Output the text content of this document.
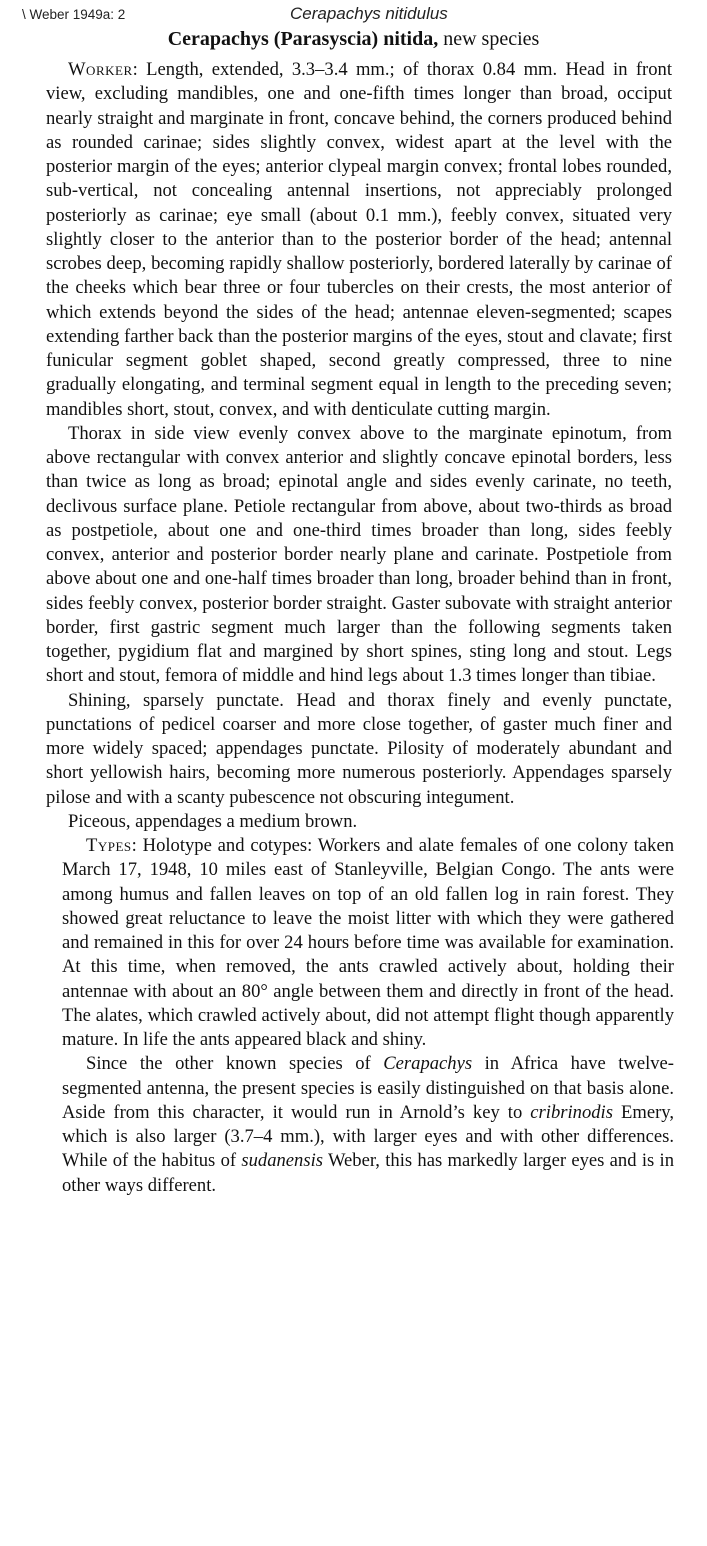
\ Weber 1949a: 2	Cerapachys nitidulus
Cerapachys (Parasyscia) nitida, new species

Worker: Length, extended, 3.3–3.4 mm.; of thorax 0.84 mm. Head in front view, excluding mandibles, one and one-fifth times longer than broad, occiput nearly straight and marginate in front, concave behind, the corners produced behind as rounded carinae; sides slightly convex, widest apart at the level with the posterior margin of the eyes; anterior clypeal margin convex; frontal lobes rounded, sub-vertical, not concealing antennal insertions, not appreciably prolonged posteriorly as carinae; eye small (about 0.1 mm.), feebly convex, situated very slightly closer to the anterior than to the posterior border of the head; antennal scrobes deep, becoming rapidly shallow posteriorly, bordered laterally by carinae of the cheeks which bear three or four tubercles on their crests, the most anterior of which extends beyond the sides of the head; antennae eleven-segmented; scapes extending farther back than the posterior margins of the eyes, stout and clavate; first funicular segment goblet shaped, second greatly compressed, three to nine gradually elongating, and terminal segment equal in length to the preceding seven; mandibles short, stout, convex, and with denticulate cutting margin.

Thorax in side view evenly convex above to the marginate epinotum, from above rectangular with convex anterior and slightly concave epinotal borders, less than twice as long as broad; epinotal angle and sides evenly carinate, no teeth, declivous surface plane. Petiole rectangular from above, about two-thirds as broad as postpetiole, about one and one-third times broader than long, sides feebly convex, anterior and posterior border nearly plane and carinate. Postpetiole from above about one and one-half times broader than long, broader behind than in front, sides feebly convex, posterior border straight. Gaster subovate with straight anterior border, first gastric segment much larger than the following segments taken together, pygidium flat and margined by short spines, sting long and stout. Legs short and stout, femora of middle and hind legs about 1.3 times longer than tibiae.

Shining, sparsely punctate. Head and thorax finely and evenly punctate, punctations of pedicel coarser and more close together, of gaster much finer and more widely spaced; appendages punctate. Pilosity of moderately abundant and short yellowish hairs, becoming more numerous posteriorly. Appendages sparsely pilose and with a scanty pubescence not obscuring integument.

Piceous, appendages a medium brown.

Types: Holotype and cotypes: Workers and alate females of one colony taken March 17, 1948, 10 miles east of Stanleyville, Belgian Congo. The ants were among humus and fallen leaves on top of an old fallen log in rain forest. They showed great reluctance to leave the moist litter with which they were gathered and remained in this for over 24 hours before time was available for examination. At this time, when removed, the ants crawled actively about, holding their antennae with about an 80° angle between them and directly in front of the head. The alates, which crawled actively about, did not attempt flight though apparently mature. In life the ants appeared black and shiny.

Since the other known species of Cerapachys in Africa have twelve-segmented antenna, the present species is easily distinguished on that basis alone. Aside from this character, it would run in Arnold’s key to cribrinodis Emery, which is also larger (3.7–4 mm.), with larger eyes and with other differences. While of the habitus of sudanensis Weber, this has markedly larger eyes and is in other ways different.
